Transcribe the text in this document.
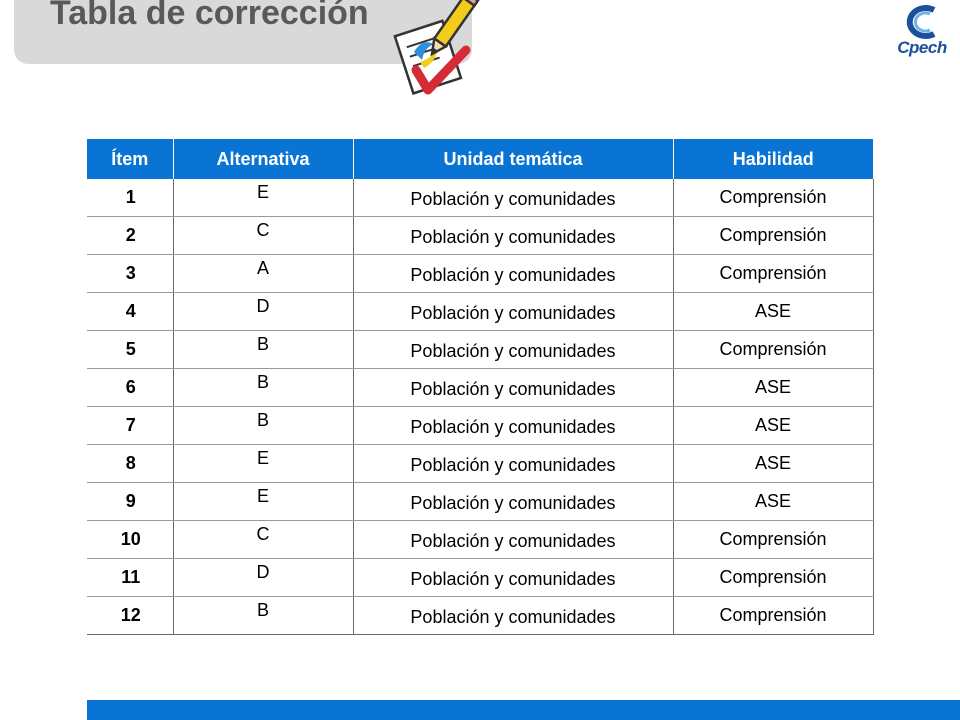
Tabla de corrección
Cpech
Ítem	Alternativa	Unidad temática	Habilidad
1	E	Población y comunidades	Comprensión
2	C	Población y comunidades	Comprensión
3	A	Población y comunidades	Comprensión
4	D	Población y comunidades	ASE
5	B	Población y comunidades	Comprensión
6	B	Población y comunidades	ASE
7	B	Población y comunidades	ASE
8	E	Población y comunidades	ASE
9	E	Población y comunidades	ASE
10	C	Población y comunidades	Comprensión
11	D	Población y comunidades	Comprensión
12	B	Población y comunidades	Comprensión
